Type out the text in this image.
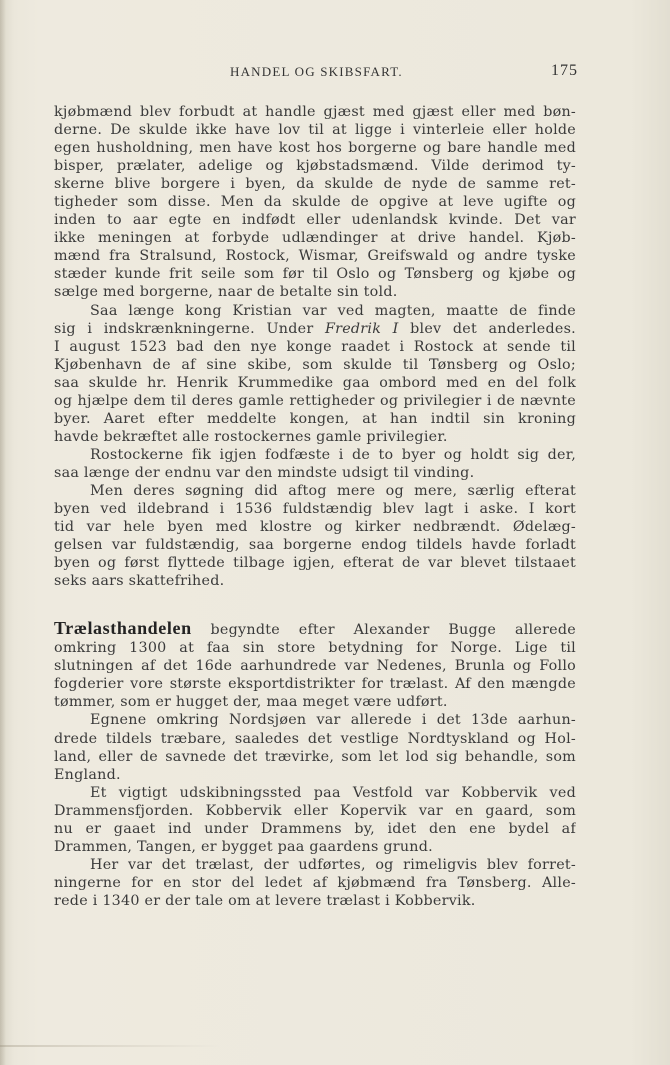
HANDEL OG SKIBSFART.	175
kjøbmænd blev forbudt at handle gjæst med gjæst eller med bøn-
derne. De skulde ikke have lov til at ligge i vinterleie eller holde
egen husholdning, men have kost hos borgerne og bare handle med
bisper, prælater, adelige og kjøbstadsmænd. Vilde derimod ty-
skerne blive borgere i byen, da skulde de nyde de samme ret-
tigheder som disse. Men da skulde de opgive at leve ugifte og
inden to aar egte en indfødt eller udenlandsk kvinde. Det var
ikke meningen at forbyde udlændinger at drive handel. Kjøb-
mænd fra Stralsund, Rostock, Wismar, Greifswald og andre tyske
stæder kunde frit seile som før til Oslo og Tønsberg og kjøbe og
sælge med borgerne, naar de betalte sin told.
Saa længe kong Kristian var ved magten, maatte de finde
sig i indskrænkningerne. Under Fredrik I blev det anderledes.
I august 1523 bad den nye konge raadet i Rostock at sende til
Kjøbenhavn de af sine skibe, som skulde til Tønsberg og Oslo;
saa skulde hr. Henrik Krummedike gaa ombord med en del folk
og hjælpe dem til deres gamle rettigheder og privilegier i de nævnte
byer. Aaret efter meddelte kongen, at han indtil sin kroning
havde bekræftet alle rostockernes gamle privilegier.
Rostockerne fik igjen fodfæste i de to byer og holdt sig der,
saa længe der endnu var den mindste udsigt til vinding.
Men deres søgning did aftog mere og mere, særlig efterat
byen ved ildebrand i 1536 fuldstændig blev lagt i aske. I kort
tid var hele byen med klostre og kirker nedbrændt. Ødelæg-
gelsen var fuldstændig, saa borgerne endog tildels havde forladt
byen og først flyttede tilbage igjen, efterat de var blevet tilstaaet
seks aars skattefrihed.
Trælasthandelen begyndte efter Alexander Bugge allerede
omkring 1300 at faa sin store betydning for Norge. Lige til
slutningen af det 16de aarhundrede var Nedenes, Brunla og Follo
fogderier vore største eksportdistrikter for trælast. Af den mængde
tømmer, som er hugget der, maa meget være udført.
Egnene omkring Nordsjøen var allerede i det 13de aarhun-
drede tildels træbare, saaledes det vestlige Nordtyskland og Hol-
land, eller de savnede det trævirke, som let lod sig behandle, som
England.
Et vigtigt udskibningssted paa Vestfold var Kobbervik ved
Drammensfjorden. Kobbervik eller Kopervik var en gaard, som
nu er gaaet ind under Drammens by, idet den ene bydel af
Drammen, Tangen, er bygget paa gaardens grund.
Her var det trælast, der udførtes, og rimeligvis blev forret-
ningerne for en stor del ledet af kjøbmænd fra Tønsberg. Alle-
rede i 1340 er der tale om at levere trælast i Kobbervik.
